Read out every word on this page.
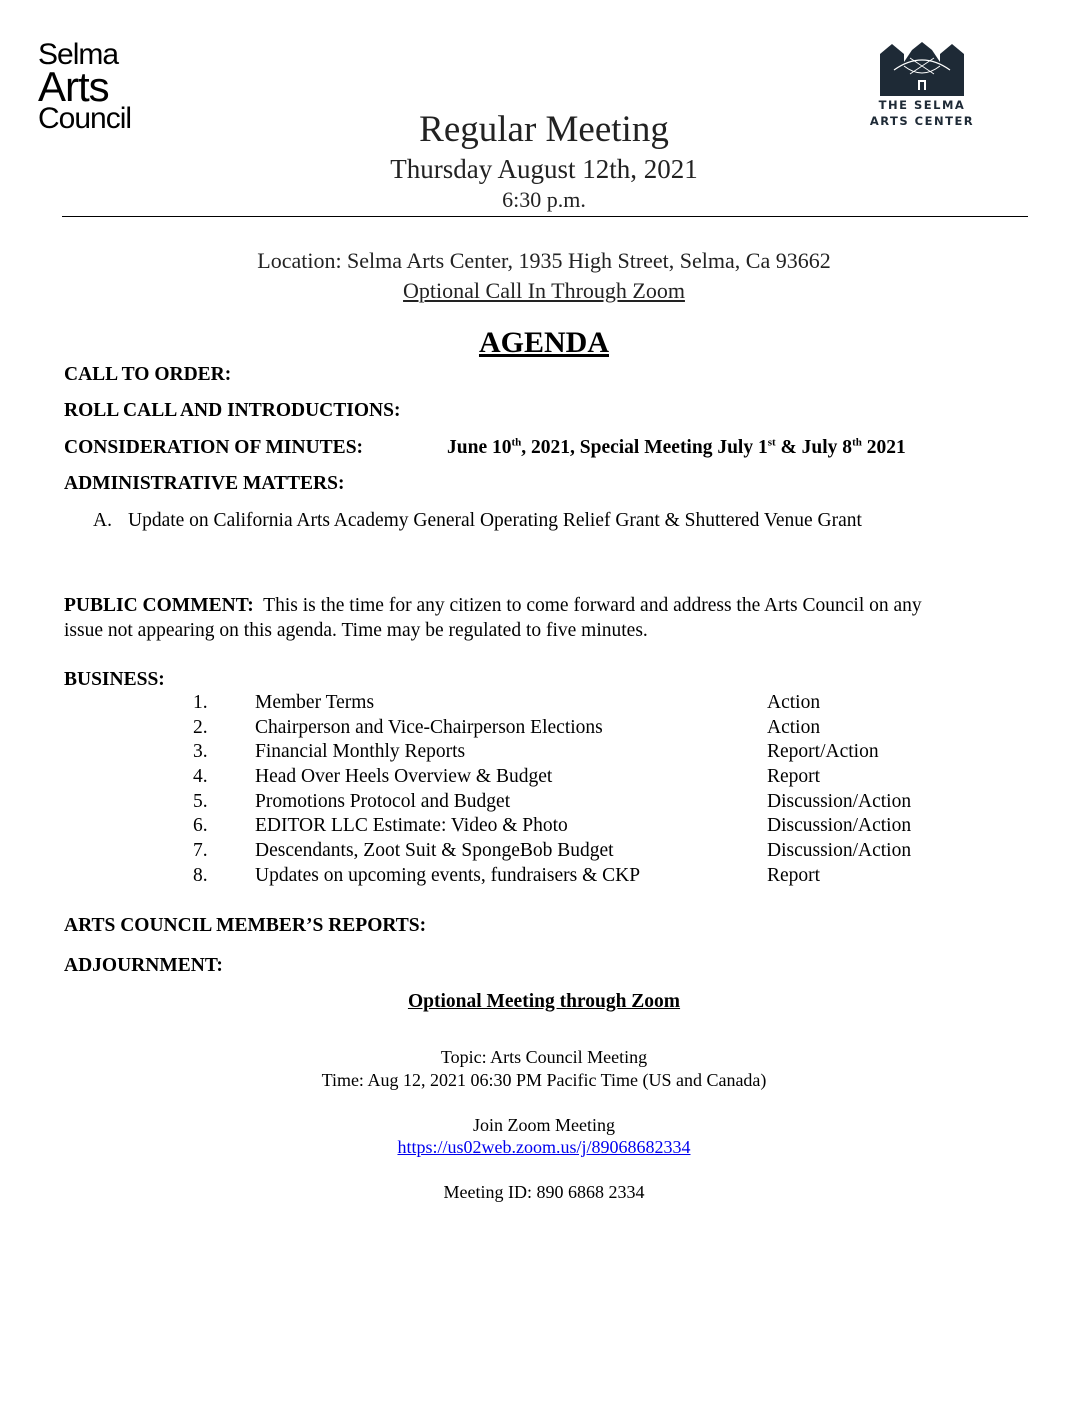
Selma
Arts
Council	THE SELMA
ARTS CENTER
Regular Meeting
Thursday August 12th, 2021
6:30 p.m.
Location: Selma Arts Center, 1935 High Street, Selma, Ca 93662
Optional Call In Through Zoom
AGENDA
CALL TO ORDER:
ROLL CALL AND INTRODUCTIONS:
CONSIDERATION OF MINUTES:	June 10th, 2021, Special Meeting July 1st & July 8th 2021
ADMINISTRATIVE MATTERS:
A. Update on California Arts Academy General Operating Relief Grant & Shuttered Venue Grant
PUBLIC COMMENT: This is the time for any citizen to come forward and address the Arts Council on any
issue not appearing on this agenda. Time may be regulated to five minutes.
BUSINESS:
1.	Member Terms	Action
2.	Chairperson and Vice-Chairperson Elections	Action
3.	Financial Monthly Reports	Report/Action
4.	Head Over Heels Overview & Budget	Report
5.	Promotions Protocol and Budget	Discussion/Action
6.	EDITOR LLC Estimate: Video & Photo	Discussion/Action
7.	Descendants, Zoot Suit & SpongeBob Budget	Discussion/Action
8.	Updates on upcoming events, fundraisers & CKP	Report
ARTS COUNCIL MEMBER’S REPORTS:
ADJOURNMENT:
Optional Meeting through Zoom
Topic: Arts Council Meeting
Time: Aug 12, 2021 06:30 PM Pacific Time (US and Canada)
Join Zoom Meeting
https://us02web.zoom.us/j/89068682334
Meeting ID: 890 6868 2334
